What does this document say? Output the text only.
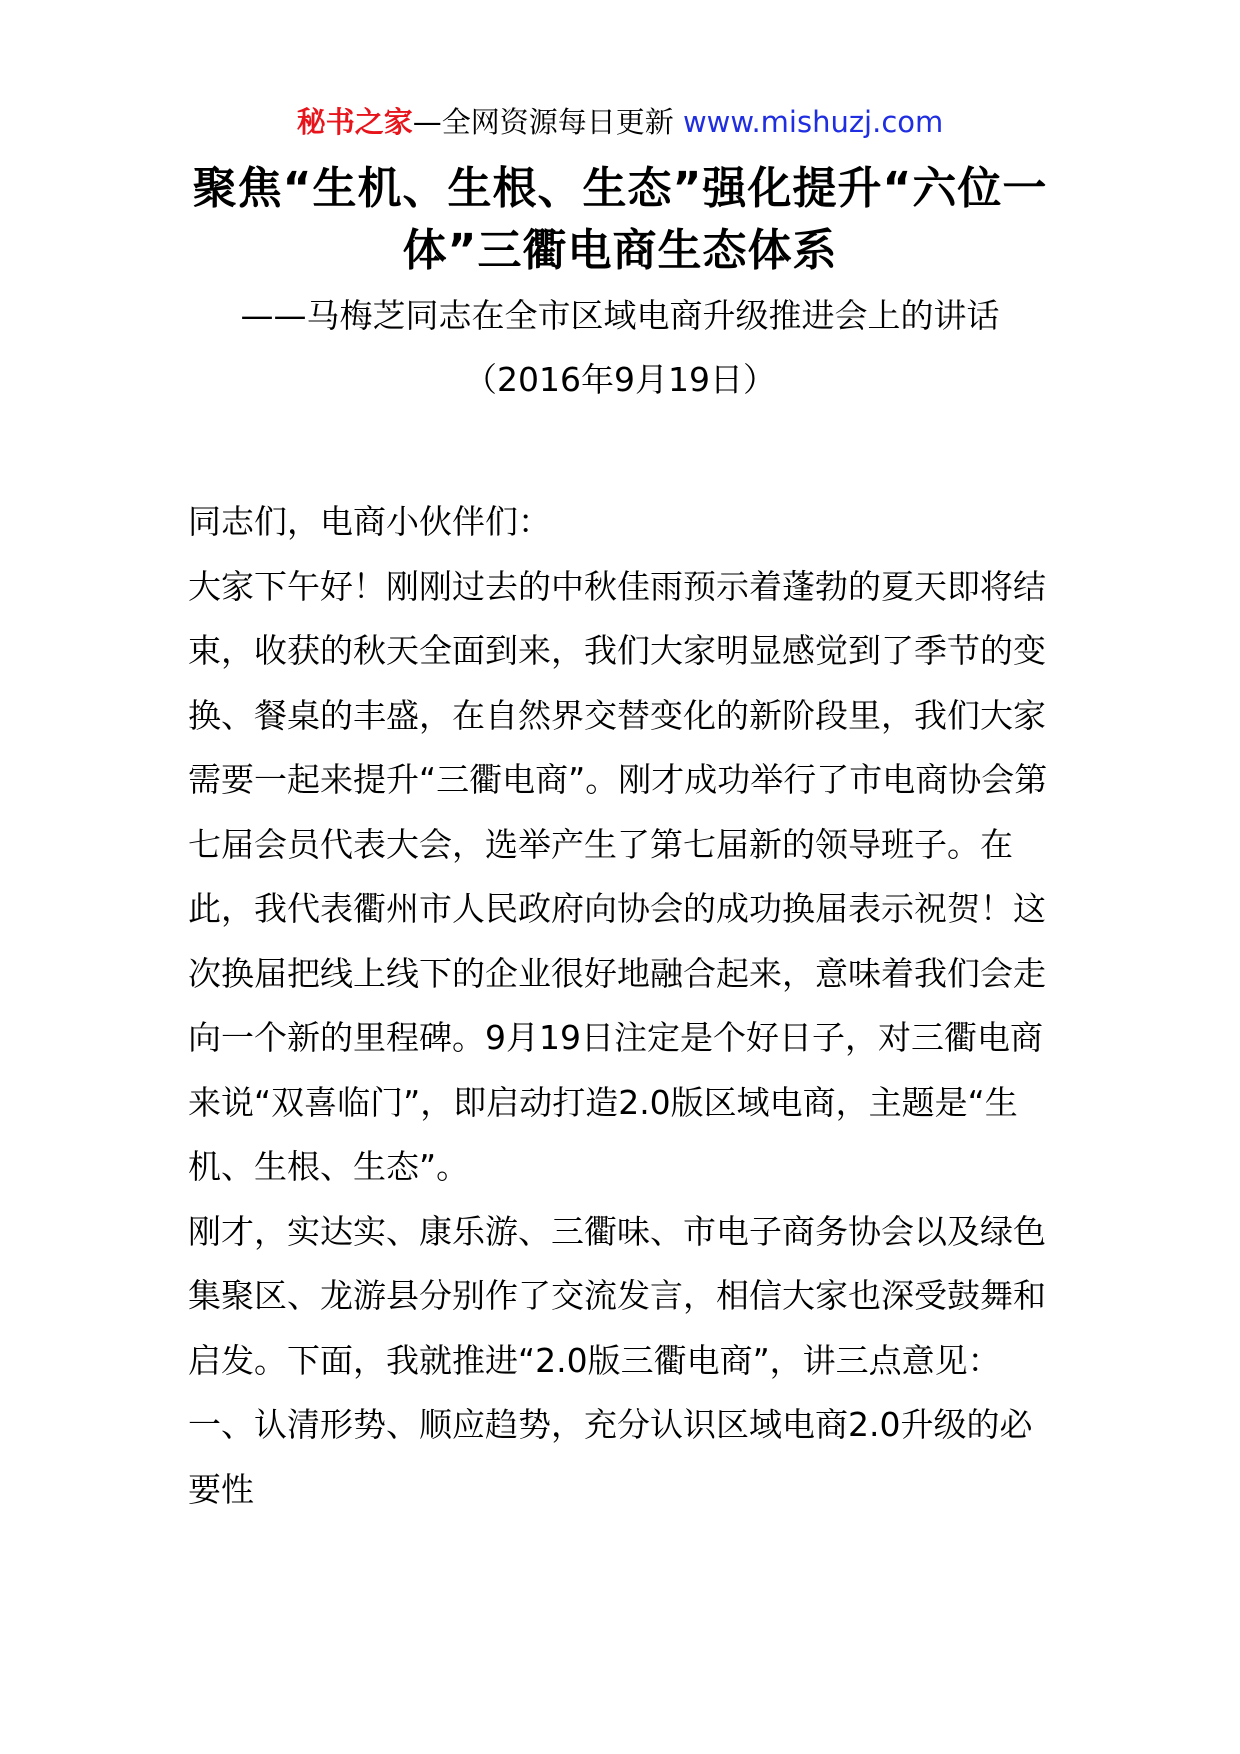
秘书之家—全网资源每日更新 www.mishuzj.com
聚焦“生机、生根、生态”强化提升“六位一体”三衢电商生态体系
——马梅芝同志在全市区域电商升级推进会上的讲话
（2016年9月19日）

同志们，电商小伙伴们：

大家下午好！刚刚过去的中秋佳雨预示着蓬勃的夏天即将结束，收获的秋天全面到来，我们大家明显感觉到了季节的变换、餐桌的丰盛，在自然界交替变化的新阶段里，我们大家需要一起来提升“三衢电商”。刚才成功举行了市电商协会第七届会员代表大会，选举产生了第七届新的领导班子。在此，我代表衢州市人民政府向协会的成功换届表示祝贺！这次换届把线上线下的企业很好地融合起来，意味着我们会走向一个新的里程碑。9月19日注定是个好日子，对三衢电商来说“双喜临门”，即启动打造2.0版区域电商，主题是“生机、生根、生态”。

刚才，实达实、康乐游、三衢味、市电子商务协会以及绿色集聚区、龙游县分别作了交流发言，相信大家也深受鼓舞和启发。下面，我就推进“2.0版三衢电商”，讲三点意见：

一、认清形势、顺应趋势，充分认识区域电商2.0升级的必要性
